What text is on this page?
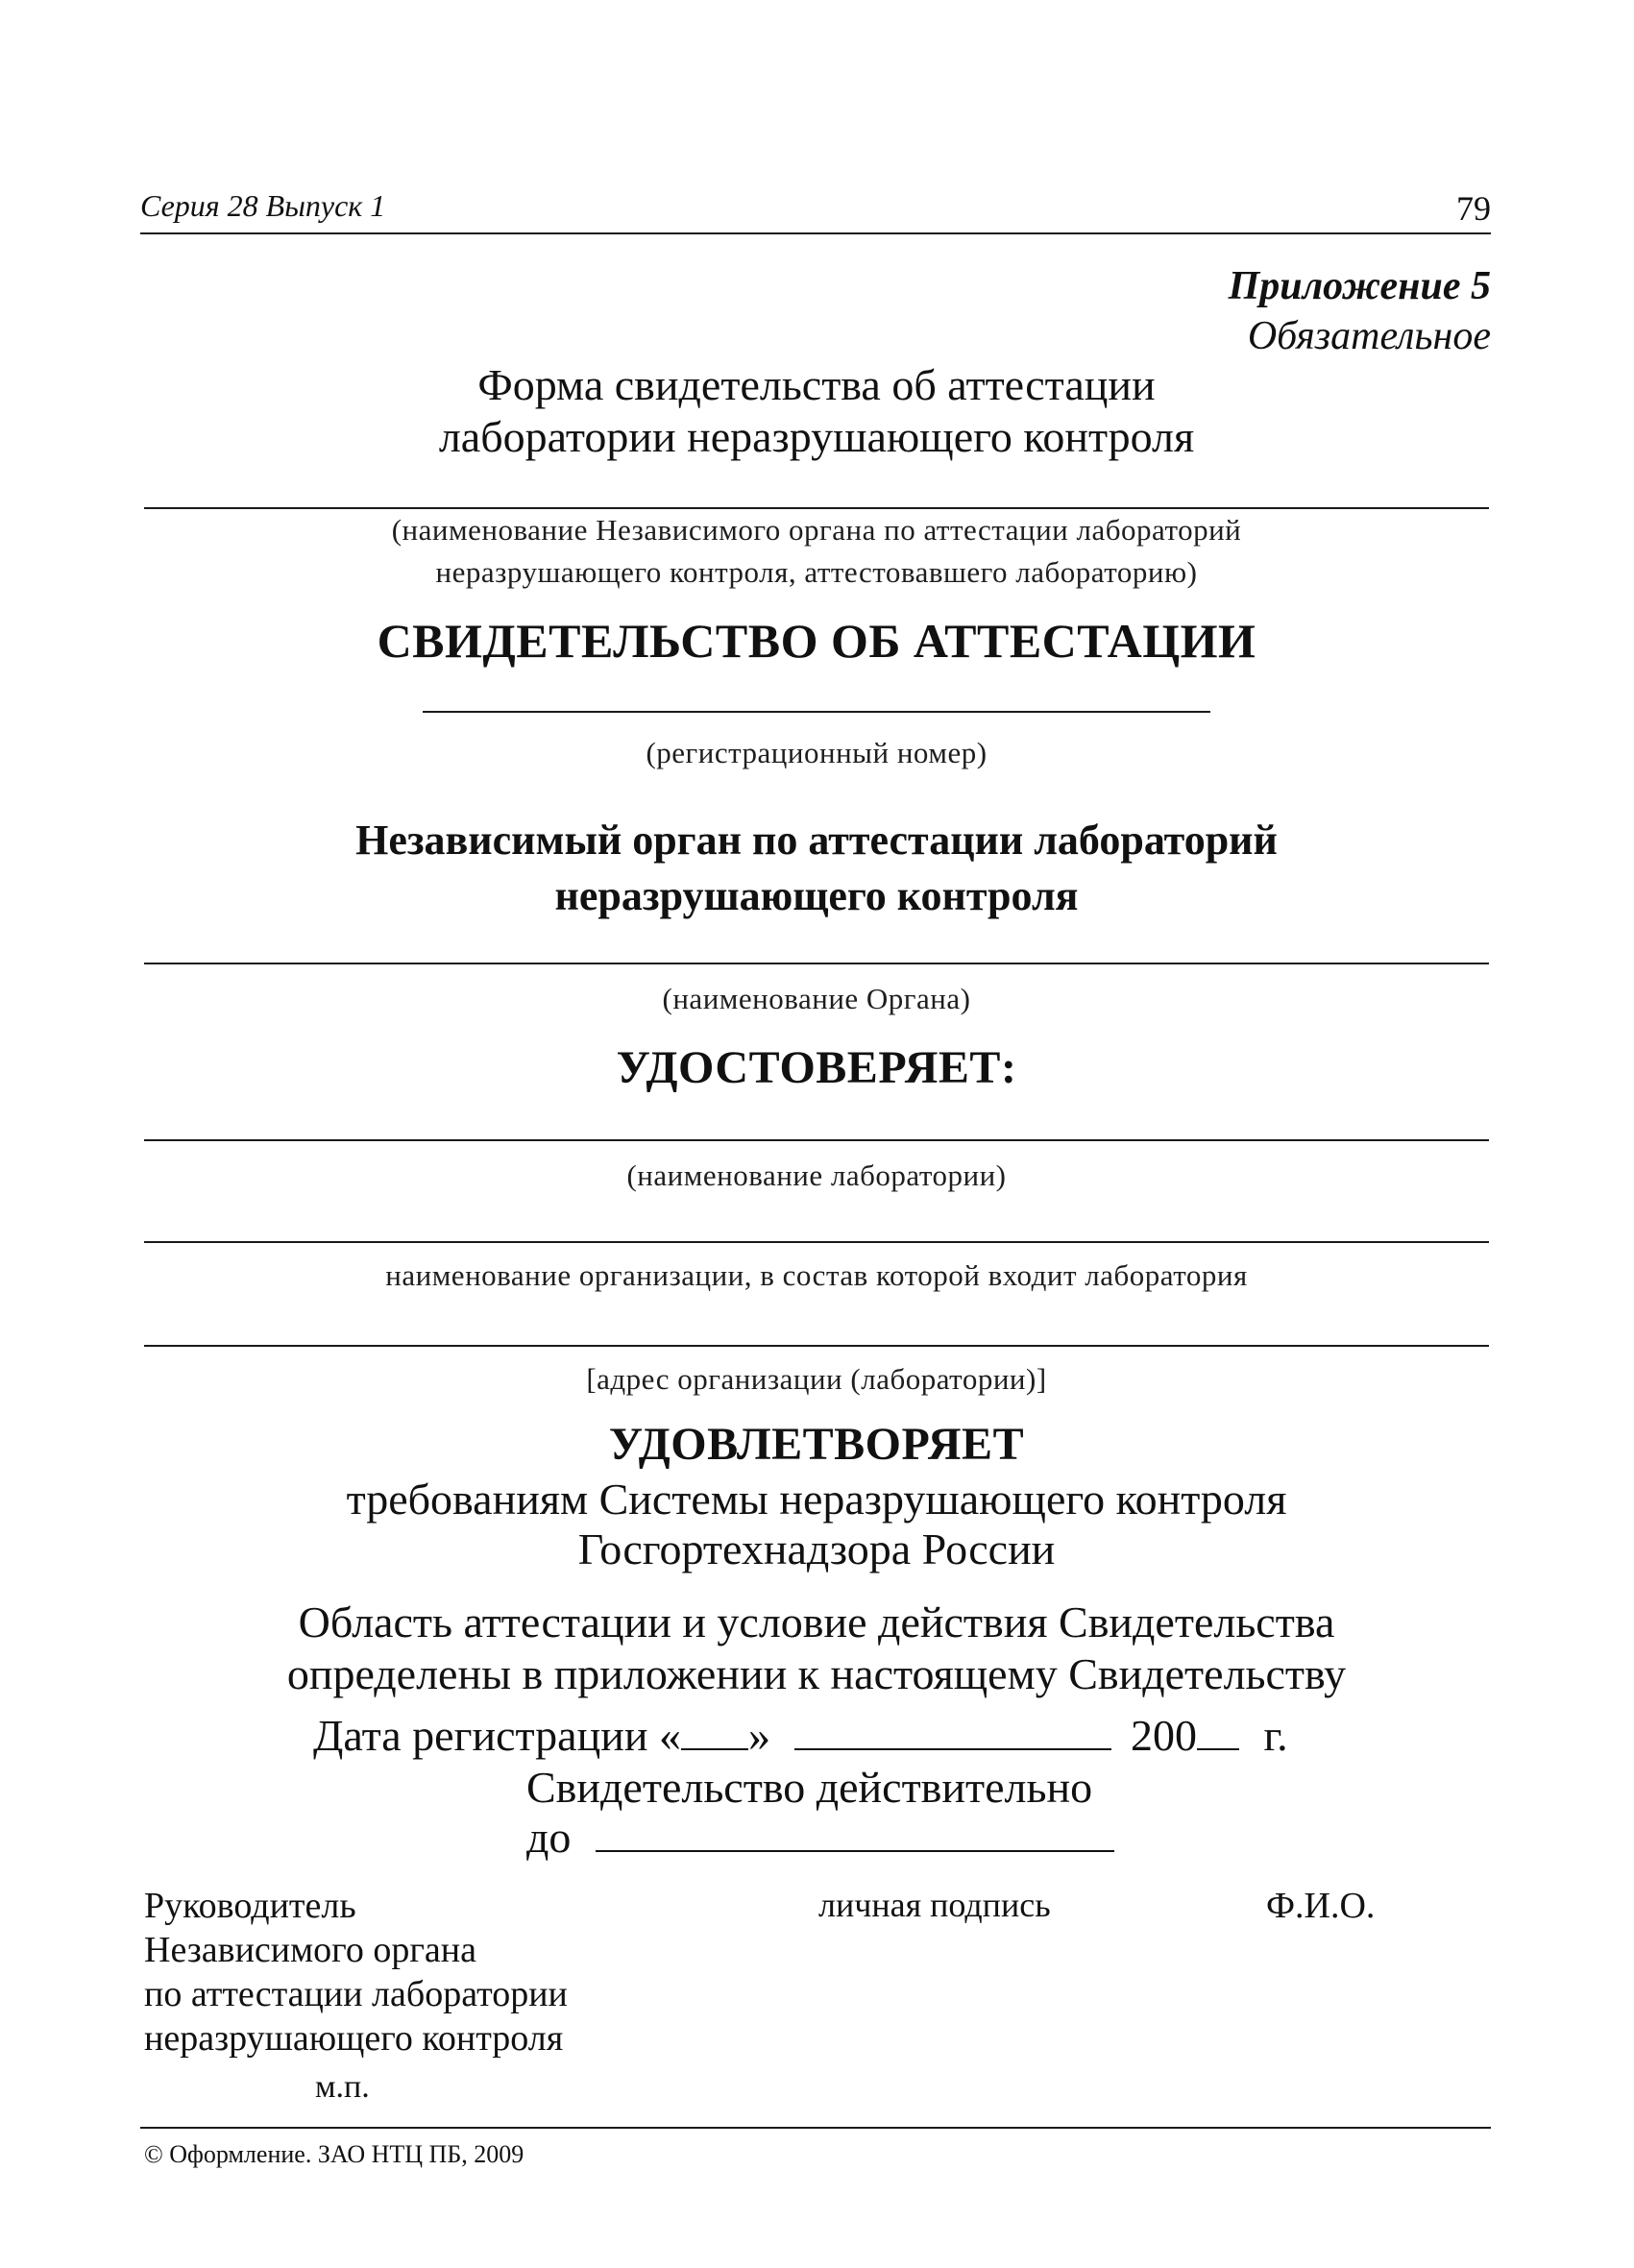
Серия 28 Выпуск 1	79
Приложение 5
Обязательное
Форма свидетельства об аттестации
лаборатории неразрушающего контроля
(наименование Независимого органа по аттестации лабораторий
неразрушающего контроля, аттестовавшего лабораторию)
СВИДЕТЕЛЬСТВО ОБ АТТЕСТАЦИИ
(регистрационный номер)
Независимый орган по аттестации лабораторий
неразрушающего контроля
(наименование Органа)
УДОСТОВЕРЯЕТ:
(наименование лаборатории)
наименование организации, в состав которой входит лаборатория
[адрес организации (лаборатории)]
УДОВЛЕТВОРЯЕТ
требованиям Системы неразрушающего контроля
Госгортехнадзора России
Область аттестации и условие действия Свидетельства
определены в приложении к настоящему Свидетельству
Дата регистрации « »	200 г.
Свидетельство действительно
до
Руководитель
Независимого органа
по аттестации лаборатории
неразрушающего контроля
личная подпись	Ф.И.О.
м.п.
© Оформление. ЗАО НТЦ ПБ, 2009
